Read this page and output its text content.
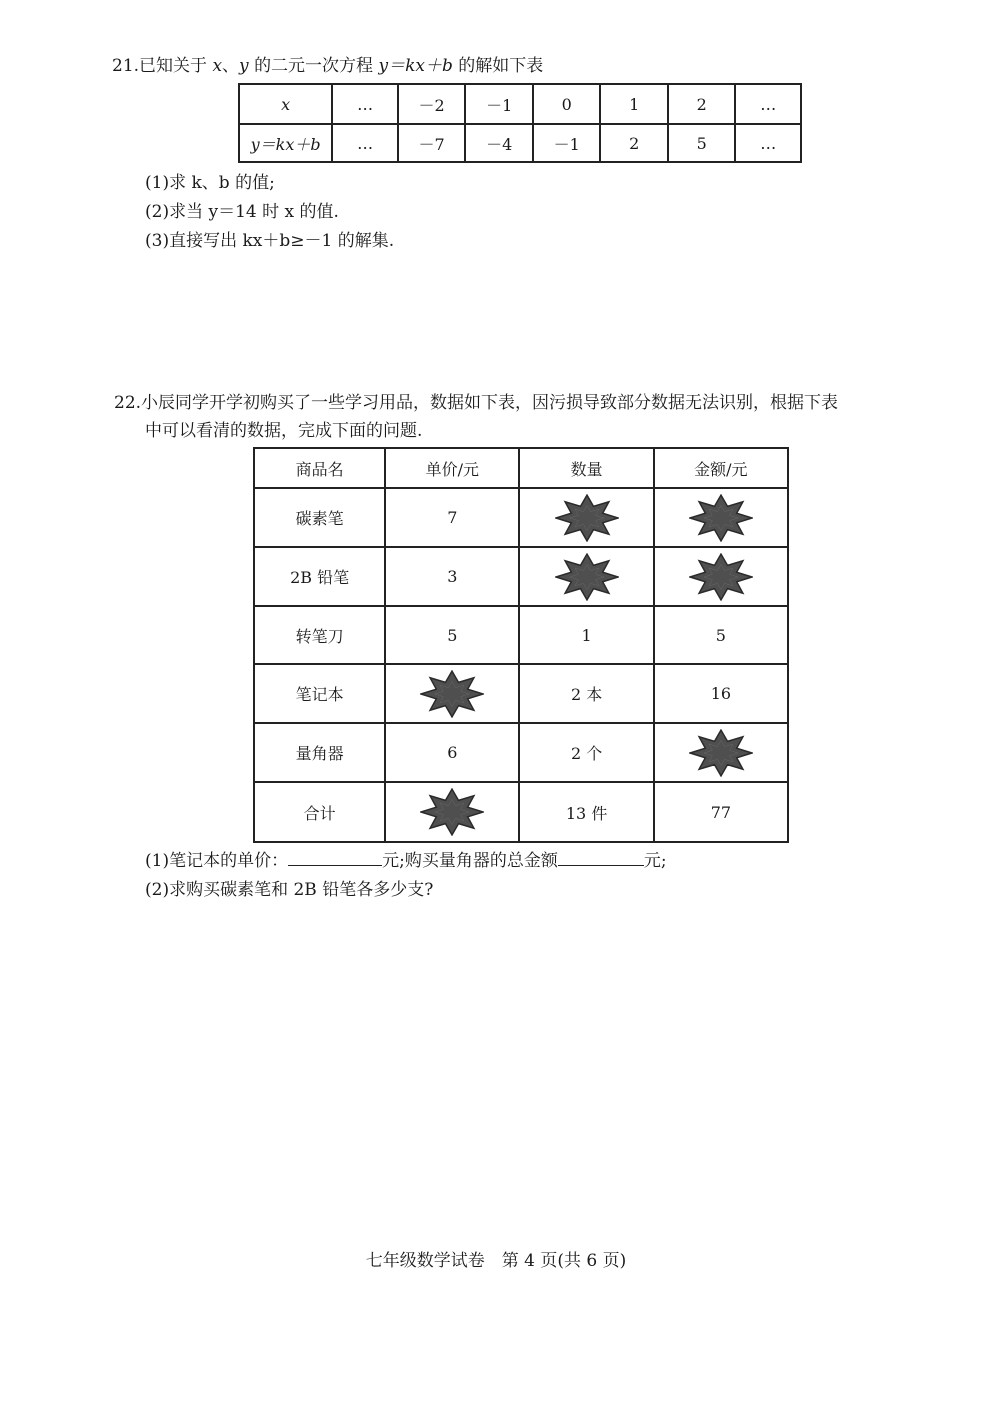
21.已知关于 x、y 的二元一次方程 y＝kx＋b 的解如下表
x	…	－2	－1	0	1	2	…
y＝kx＋b	…	－7	－4	－1	2	5	…
(1)求 k、b 的值;
(2)求当 y＝14 时 x 的值.
(3)直接写出 kx＋b≥－1 的解集.
22.小辰同学开学初购买了一些学习用品，数据如下表，因污损导致部分数据无法识别，根据下表
中可以看清的数据，完成下面的问题.
商品名	单价/元	数量	金额/元
碳素笔	7		
2B 铅笔	3		
转笔刀	5	1	5
笔记本		2 本	16
量角器	6	2 个	
合计		13 件	77
(1)笔记本的单价：	元;购买量角器的总金额	元;
(2)求购买碳素笔和 2B 铅笔各多少支?
七年级数学试卷　第 4 页(共 6 页)
